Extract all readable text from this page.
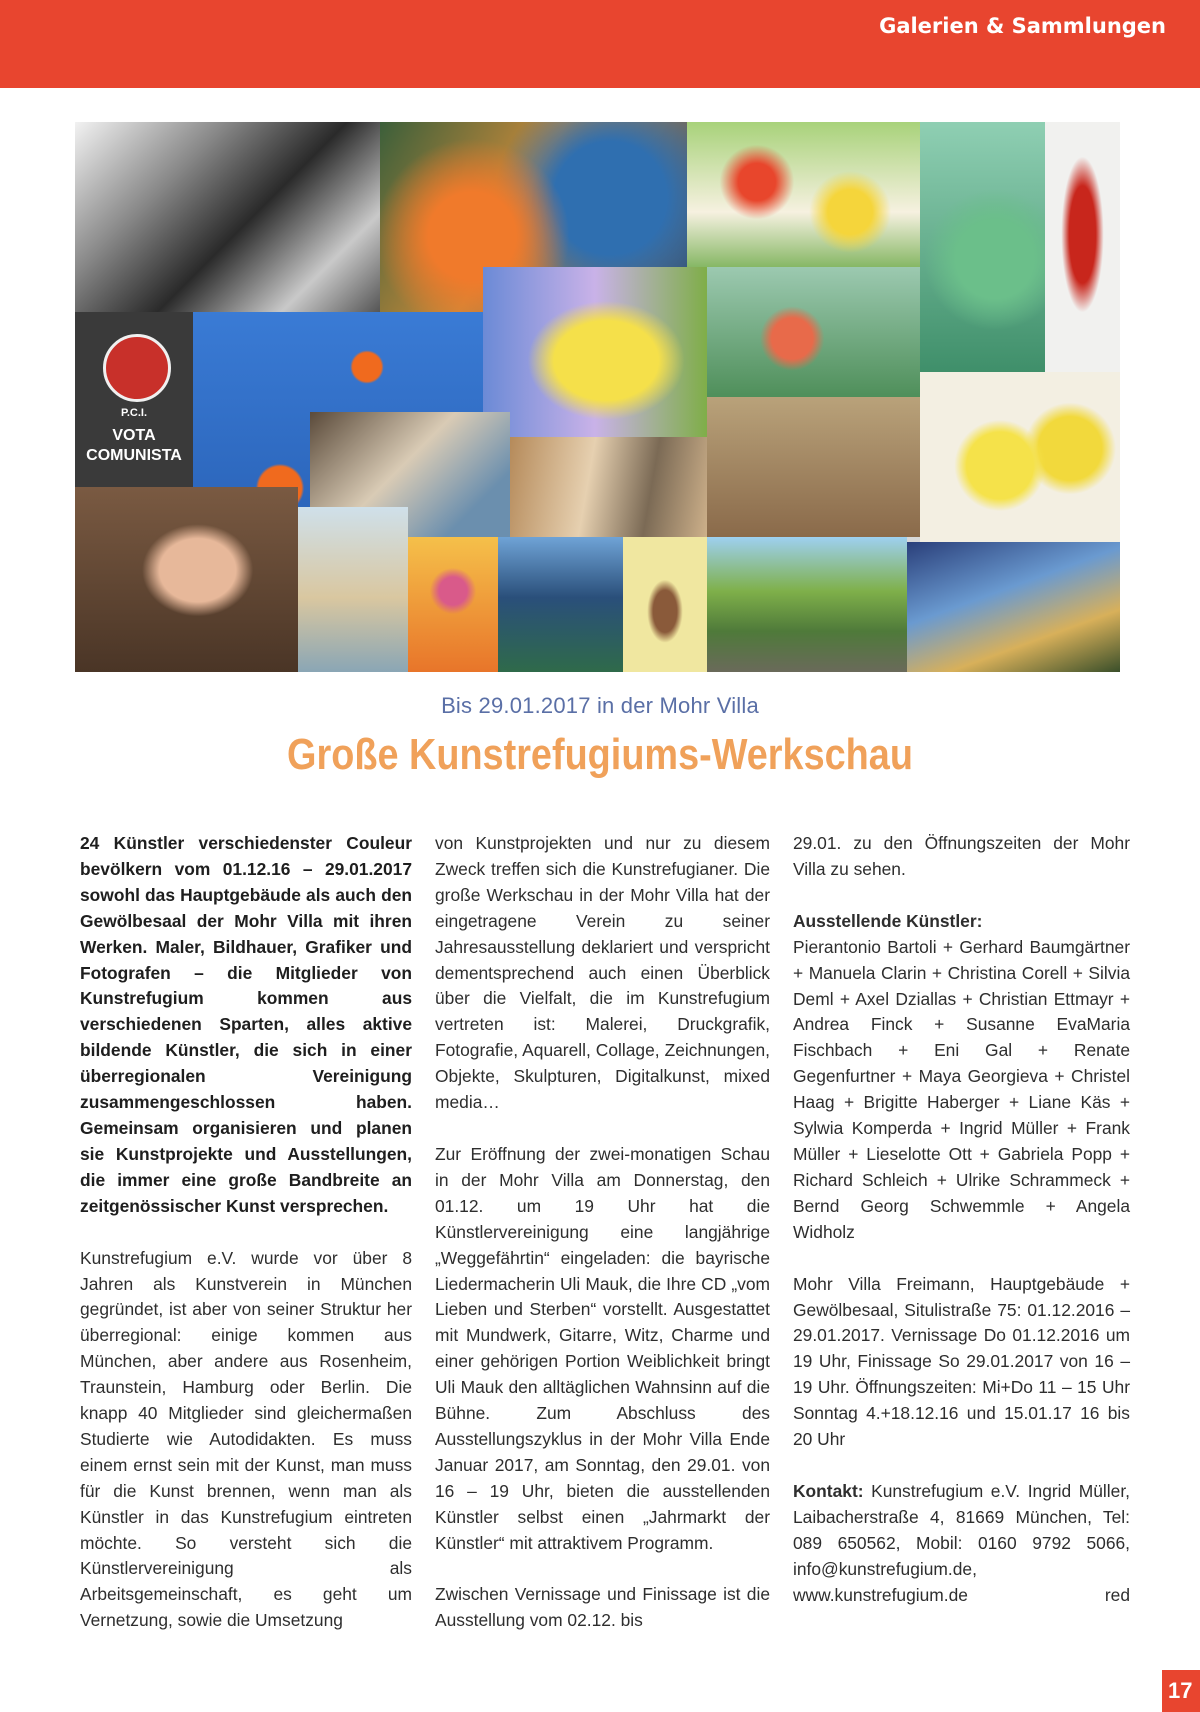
Galerien & Sammlungen
P.C.I.
VOTA
COMUNISTA
Bis 29.01.2017 in der Mohr Villa
Große Kunstrefugiums-Werkschau

24 Künstler verschiedenster Couleur bevölkern vom 01.12.16 – 29.01.2017 sowohl das Hauptgebäude als auch den Gewölbesaal der Mohr Villa mit ihren Werken. Maler, Bildhauer, Grafiker und Fotografen – die Mitglieder von Kunstrefugium kommen aus verschiedenen Sparten, alles aktive bildende Künstler, die sich in einer überregionalen Vereinigung zusammengeschlossen haben. Gemeinsam organisieren und planen sie Kunstprojekte und Ausstellungen, die immer eine große Bandbreite an zeitgenössischer Kunst versprechen.

Kunstrefugium e.V. wurde vor über 8 Jahren als Kunstverein in München gegründet, ist aber von seiner Struktur her überregional: einige kommen aus München, aber andere aus Rosenheim, Traunstein, Hamburg oder Berlin. Die knapp 40 Mitglieder sind gleichermaßen Studierte wie Autodidakten. Es muss einem ernst sein mit der Kunst, man muss für die Kunst brennen, wenn man als Künstler in das Kunstrefugium eintreten möchte. So versteht sich die Künstlervereinigung als Arbeitsgemeinschaft, es geht um Vernetzung, sowie die Umsetzung

von Kunstprojekten und nur zu diesem Zweck treffen sich die Kunstrefugianer. Die große Werkschau in der Mohr Villa hat der eingetragene Verein zu seiner Jahresausstellung deklariert und verspricht dementsprechend auch einen Überblick über die Vielfalt, die im Kunstrefugium vertreten ist: Malerei, Druckgrafik, Fotografie, Aquarell, Collage, Zeichnungen, Objekte, Skulpturen, Digitalkunst, mixed media…

Zur Eröffnung der zwei-monatigen Schau in der Mohr Villa am Donnerstag, den 01.12. um 19 Uhr hat die Künstlervereinigung eine langjährige „Weggefährtin“ eingeladen: die bayrische Liedermacherin Uli Mauk, die Ihre CD „vom Lieben und Sterben“ vorstellt. Ausgestattet mit Mundwerk, Gitarre, Witz, Charme und einer gehörigen Portion Weiblichkeit bringt Uli Mauk den alltäglichen Wahnsinn auf die Bühne. Zum Abschluss des Ausstellungszyklus in der Mohr Villa Ende Januar 2017, am Sonntag, den 29.01. von 16 – 19 Uhr, bieten die ausstellenden Künstler selbst einen „Jahrmarkt der Künstler“ mit attraktivem Programm.

Zwischen Vernissage und Finissage ist die Ausstellung vom 02.12. bis

29.01. zu den Öffnungszeiten der Mohr Villa zu sehen.

Ausstellende Künstler:
Pierantonio Bartoli + Gerhard Baumgärtner + Manuela Clarin + Christina Corell + Silvia Deml + Axel Dziallas + Christian Ettmayr + Andrea Finck + Susanne EvaMaria Fischbach + Eni Gal + Renate Gegenfurtner + Maya Georgieva + Christel Haag + Brigitte Haberger + Liane Käs + Sylwia Komperda + Ingrid Müller + Frank Müller + Lieselotte Ott + Gabriela Popp + Richard Schleich + Ulrike Schrammeck + Bernd Georg Schwemmle + Angela Widholz

Mohr Villa Freimann, Hauptgebäude + Gewölbesaal, Situlistraße 75: 01.12.2016 – 29.01.2017. Vernissage Do 01.12.2016 um 19 Uhr, Finissage So 29.01.2017 von 16 – 19 Uhr. Öffnungszeiten: Mi+Do 11 – 15 Uhr Sonntag 4.+18.12.16 und 15.01.17 16 bis 20 Uhr

Kontakt: Kunstrefugium e.V. Ingrid Müller, Laibacherstraße 4, 81669 München, Tel: 089 650562, Mobil: 0160 9792 5066, info@kunstrefugium.de, www.kunstrefugium.de	red

17
